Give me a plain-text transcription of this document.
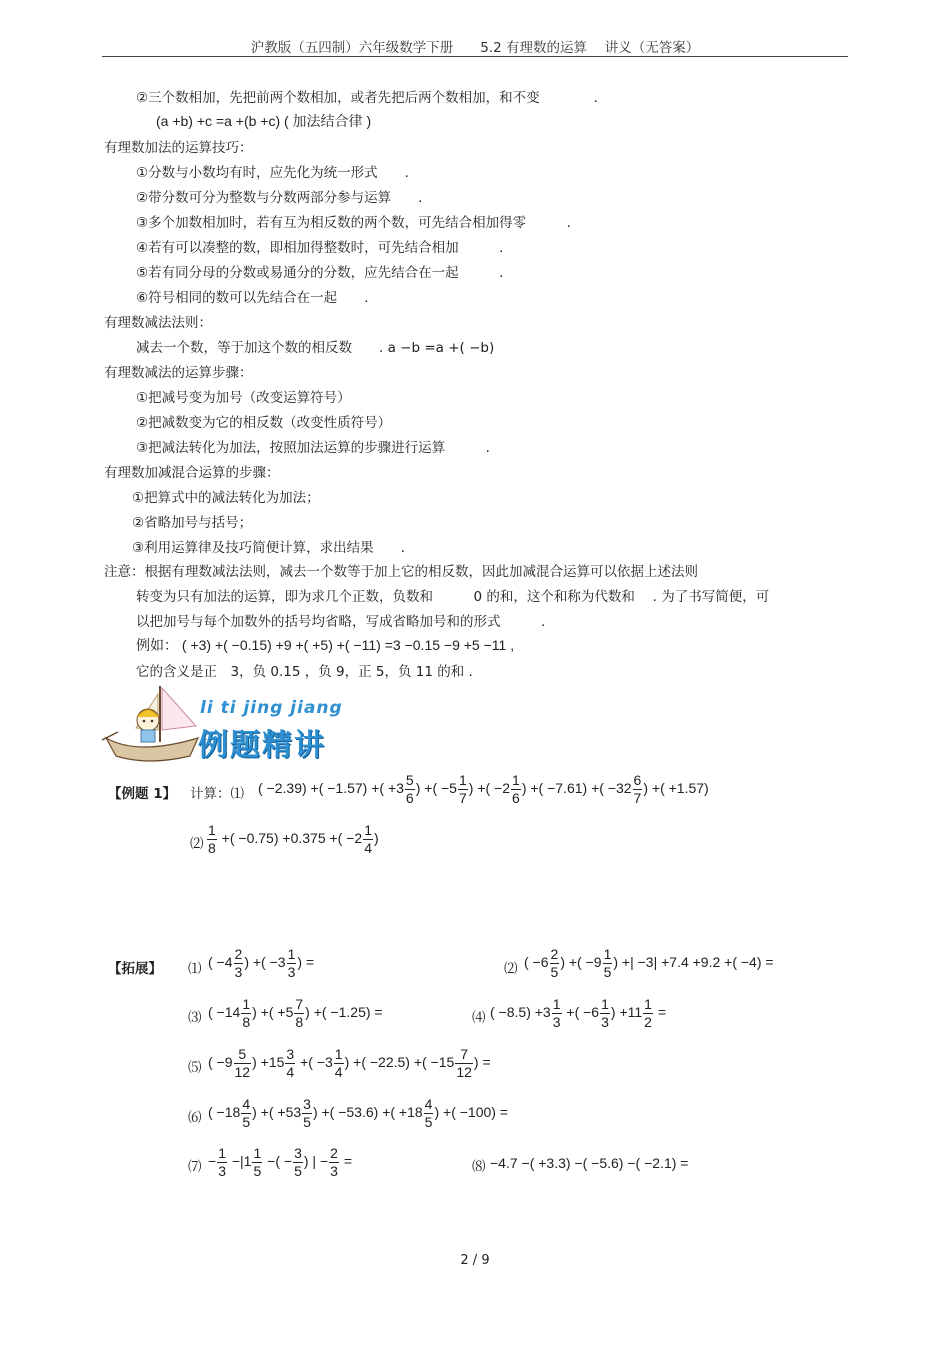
沪教版（五四制）六年级数学下册　　5.2 有理数的运算　 讲义（无答案）
②三个数相加，先把前两个数相加，或者先把后两个数相加，和不变　　　　.
(a +b) +c =a +(b +c) ( 加法结合律 )
有理数加法的运算技巧：
①分数与小数均有时，应先化为统一形式　　.
②带分数可分为整数与分数两部分参与运算　　.
③多个加数相加时，若有互为相反数的两个数，可先结合相加得零　　　.
④若有可以凑整的数，即相加得整数时，可先结合相加　　　.
⑤若有同分母的分数或易通分的分数，应先结合在一起　　　.
⑥符号相同的数可以先结合在一起　　.
有理数减法法则：
减去一个数，等于加这个数的相反数　　. a −b =a +( −b)
有理数减法的运算步骤：
①把减号变为加号（改变运算符号）
②把减数变为它的相反数（改变性质符号）
③把减法转化为加法，按照加法运算的步骤进行运算　　　.
有理数加减混合运算的步骤：
①把算式中的减法转化为加法；
②省略加号与括号；
③利用运算律及技巧简便计算，求出结果　　.
注意：根据有理数减法法则，减去一个数等于加上它的相反数，因此加减混合运算可以依据上述法则
转变为只有加法的运算，即为求几个正数，负数和　　　0 的和，这个和称为代数和　 . 为了书写简便，可
以把加号与每个加数外的括号均省略，写成省略加号和的形式　　　.
例如： ( +3) +( −0.15) +9 +( +5) +( −11) =3 −0.15 −9 +5 −11 ,
它的含义是正　3，负 0.15 ，负 9，正 5，负 11 的和 .
li ti jing jiang
例题精讲
【例题 1】 计算：⑴ ( −2.39) +( −1.57) +( $+3 \frac{5}{6}$ ) +( $-5 \frac{1}{7}$ ) +( $-2 \frac{1}{6}$ ) +( −7.61) +( $-32 \frac{6}{7}$ ) +( +1.57)
⑵ $\frac{1}{8}$ +( −0.75) +0.375 +( $-2 \frac{1}{4}$ )
【拓展】 ⑴ ( $-4 \frac{2}{3}$ ) +( $-3 \frac{1}{3}$ ) =	⑵ ( $-6 \frac{2}{5}$ ) +( $-9 \frac{1}{5}$ ) +| −3| +7.4 +9.2 +( −4) =
⑶ ( $-14 \frac{1}{8}$ ) +( $+5 \frac{7}{8}$ ) +( −1.25) =	⑷ ( $-8.5) +3 \frac{1}{3}$ +( $-6 \frac{1}{3}$ ) $+11 \frac{1}{2}$ =
⑸ ( $-9 \frac{5}{12}$ ) $+15 \frac{3}{4}$ +( $-3 \frac{1}{4}$ ) +( −22.5) +( $-15 \frac{7}{12}$ ) =
⑹ ( $-18 \frac{4}{5}$ ) +( $+53 \frac{3}{5}$ ) +( −53.6) +( $+18 \frac{4}{5}$ ) +( −100) =
⑺ − $\frac{1}{3} -|1 \frac{1}{5}$ −( − $\frac{3}{5}$ ) | − $\frac{2}{3}$ =	⑻ −4.7 −( +3.3) −( −5.6) −( −2.1) =
2 / 9
